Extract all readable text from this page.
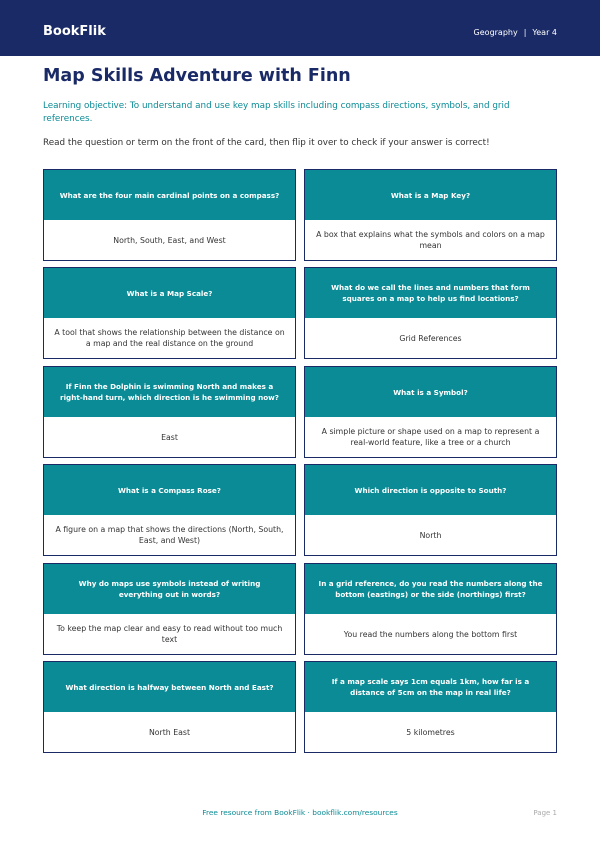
BookFlik	Geography | Year 4
Map Skills Adventure with Finn

Learning objective: To understand and use key map skills including compass directions, symbols, and grid references.

Read the question or term on the front of the card, then flip it over to check if your answer is correct!

What are the four main cardinal points on a compass?
North, South, East, and West
What is a Map Key?
A box that explains what the symbols and colors on a map mean
What is a Map Scale?
A tool that shows the relationship between the distance on a map and the real distance on the ground
What do we call the lines and numbers that form squares on a map to help us find locations?
Grid References
If Finn the Dolphin is swimming North and makes a right-hand turn, which direction is he swimming now?
East
What is a Symbol?
A simple picture or shape used on a map to represent a real-world feature, like a tree or a church
What is a Compass Rose?
A figure on a map that shows the directions (North, South, East, and West)
Which direction is opposite to South?
North
Why do maps use symbols instead of writing everything out in words?
To keep the map clear and easy to read without too much text
In a grid reference, do you read the numbers along the bottom (eastings) or the side (northings) first?
You read the numbers along the bottom first
What direction is halfway between North and East?
North East
If a map scale says 1cm equals 1km, how far is a distance of 5cm on the map in real life?
5 kilometres
Free resource from BookFlik · bookflik.com/resources	Page 1
